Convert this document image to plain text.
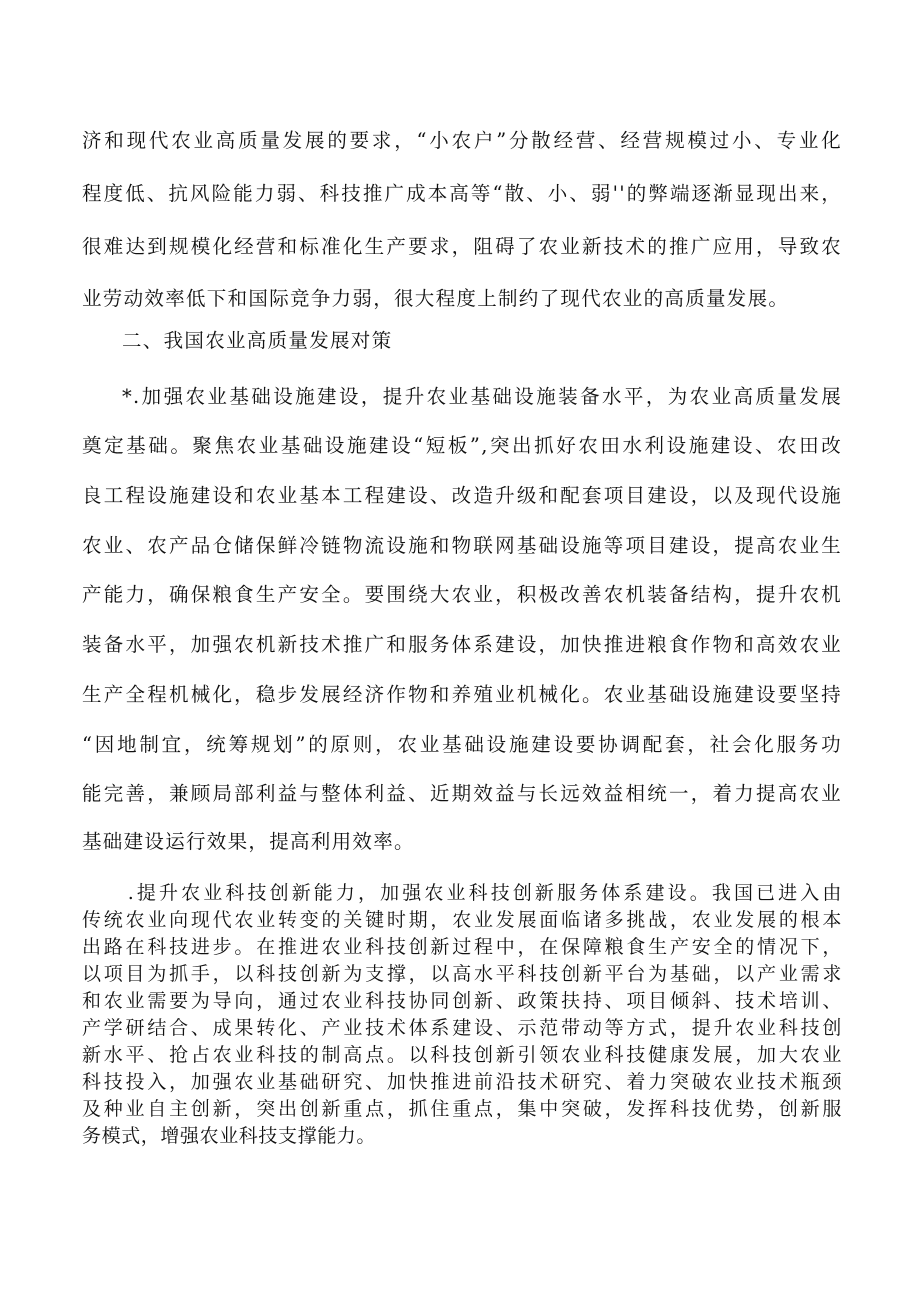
济和现代农业高质量发展的要求，“小农户”分散经营、经营规模过小、专业化
程度低、抗风险能力弱、科技推广成本高等“散、小、弱''的弊端逐渐显现出来，
很难达到规模化经营和标准化生产要求，阻碍了农业新技术的推广应用，导致农
业劳动效率低下和国际竞争力弱，很大程度上制约了现代农业的高质量发展。
二、我国农业高质量发展对策
*.加强农业基础设施建设，提升农业基础设施装备水平，为农业高质量发展
奠定基础。聚焦农业基础设施建设“短板”,突出抓好农田水利设施建设、农田改
良工程设施建设和农业基本工程建设、改造升级和配套项目建设，以及现代设施
农业、农产品仓储保鲜冷链物流设施和物联网基础设施等项目建设，提高农业生
产能力，确保粮食生产安全。要围绕大农业，积极改善农机装备结构，提升农机
装备水平，加强农机新技术推广和服务体系建设，加快推进粮食作物和高效农业
生产全程机械化，稳步发展经济作物和养殖业机械化。农业基础设施建设要坚持
“因地制宜，统筹规划”的原则，农业基础设施建设要协调配套，社会化服务功
能完善，兼顾局部利益与整体利益、近期效益与长远效益相统一，着力提高农业
基础建设运行效果，提高利用效率。
.提升农业科技创新能力，加强农业科技创新服务体系建设。我国已进入由
传统农业向现代农业转变的关键时期，农业发展面临诸多挑战，农业发展的根本
出路在科技进步。在推进农业科技创新过程中，在保障粮食生产安全的情况下，
以项目为抓手，以科技创新为支撑，以高水平科技创新平台为基础，以产业需求
和农业需要为导向，通过农业科技协同创新、政策扶持、项目倾斜、技术培训、
产学研结合、成果转化、产业技术体系建设、示范带动等方式，提升农业科技创
新水平、抢占农业科技的制高点。以科技创新引领农业科技健康发展，加大农业
科技投入，加强农业基础研究、加快推进前沿技术研究、着力突破农业技术瓶颈
及种业自主创新，突出创新重点，抓住重点，集中突破，发挥科技优势，创新服
务模式，增强农业科技支撑能力。
